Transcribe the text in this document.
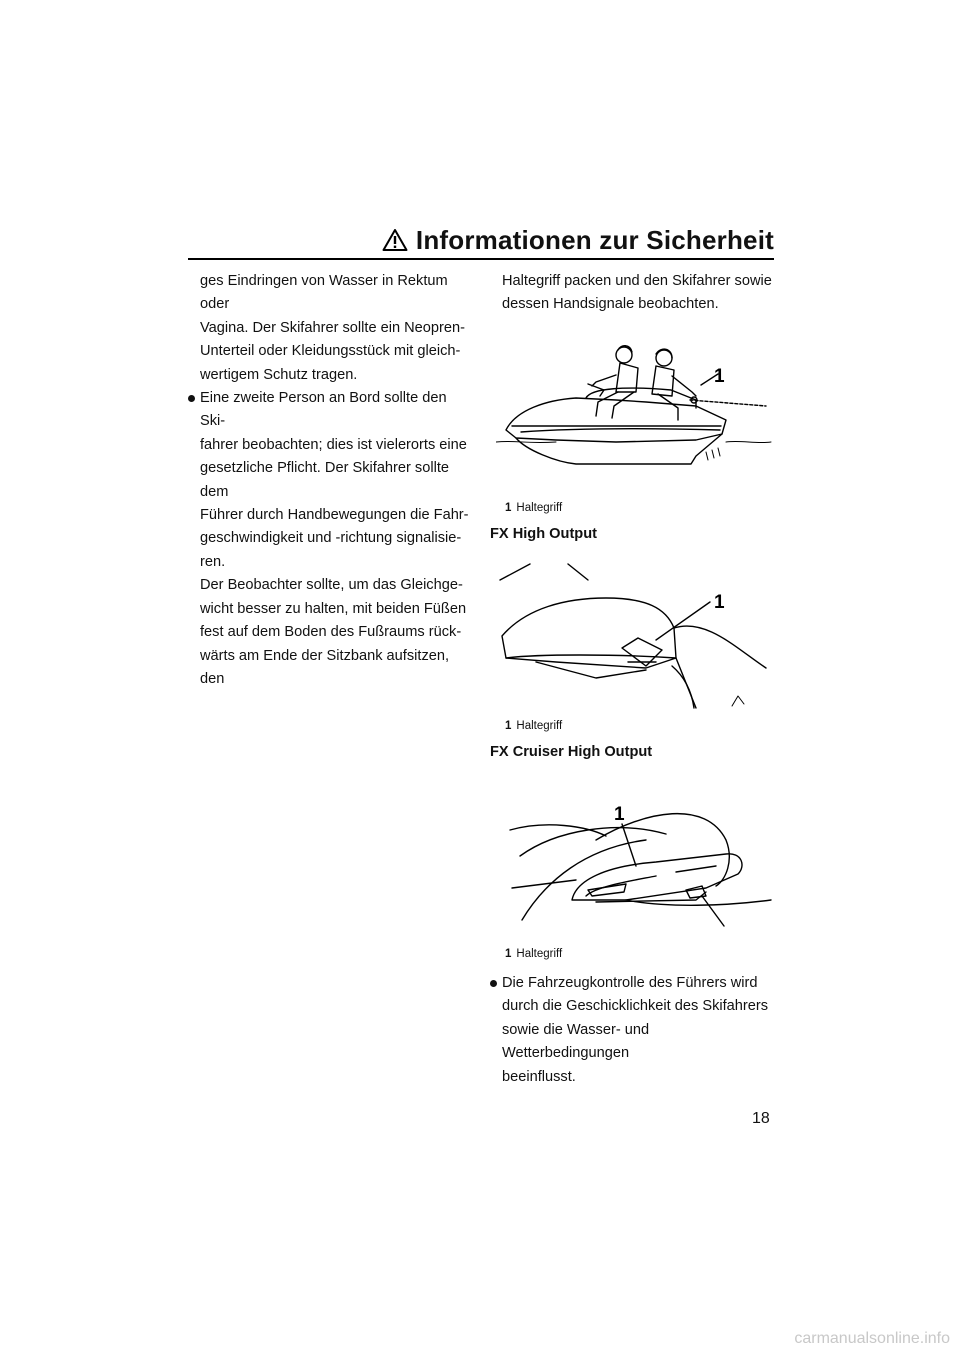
Informationen zur Sicherheit

ges Eindringen von Wasser in Rektum oder

Vagina. Der Skifahrer sollte ein Neopren-

Unterteil oder Kleidungsstück mit gleich-

wertigem Schutz tragen.

Eine zweite Person an Bord sollte den Ski-

fahrer beobachten; dies ist vielerorts eine

gesetzliche Pflicht. Der Skifahrer sollte dem

Führer durch Handbewegungen die Fahr-

geschwindigkeit und -richtung signalisie-

ren.

Der Beobachter sollte, um das Gleichge-

wicht besser zu halten, mit beiden Füßen

fest auf dem Boden des Fußraums rück-

wärts am Ende der Sitzbank aufsitzen, den

Haltegriff packen und den Skifahrer sowie

dessen Handsignale beobachten.

1
1 Haltegriff
FX High Output
1
1 Haltegriff
FX Cruiser High Output
1
1 Haltegriff

Die Fahrzeugkontrolle des Führers wird

durch die Geschicklichkeit des Skifahrers

sowie die Wasser- und Wetterbedingungen

beeinflusst.

18
carmanualsonline.info
